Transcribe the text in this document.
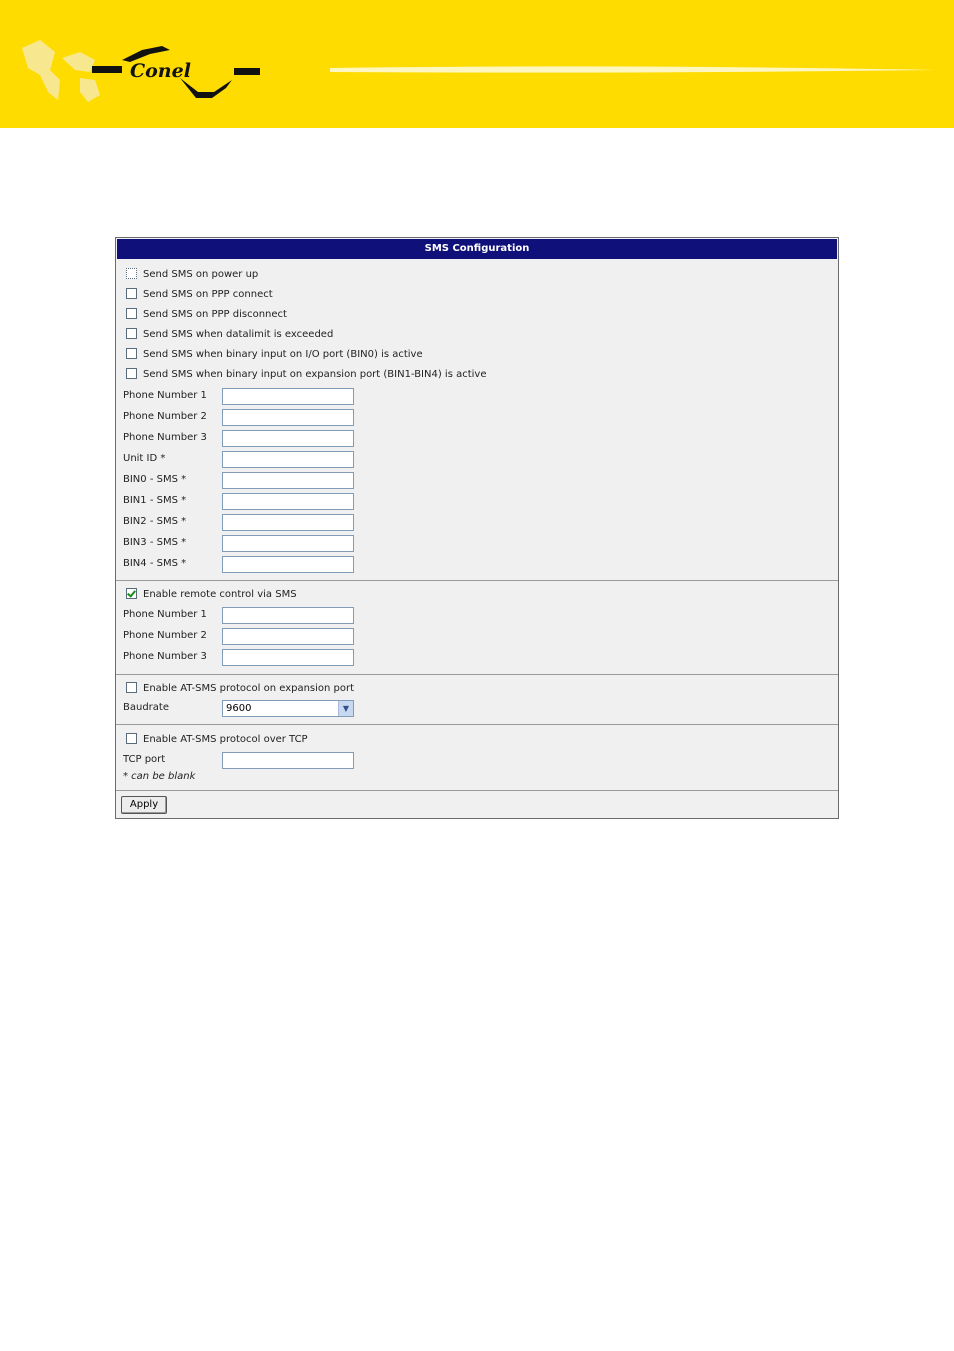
Conel
SMS Configuration
Send SMS on power up
Send SMS on PPP connect
Send SMS on PPP disconnect
Send SMS when datalimit is exceeded
Send SMS when binary input on I/O port (BIN0) is active
Send SMS when binary input on expansion port (BIN1-BIN4) is active
Phone Number 1
Phone Number 2
Phone Number 3
Unit ID *
BIN0 - SMS *
BIN1 - SMS *
BIN2 - SMS *
BIN3 - SMS *
BIN4 - SMS *
Enable remote control via SMS
Phone Number 1
Phone Number 2
Phone Number 3
Enable AT-SMS protocol on expansion port
Baudrate	9600	▼
Enable AT-SMS protocol over TCP
TCP port
* can be blank
Apply
